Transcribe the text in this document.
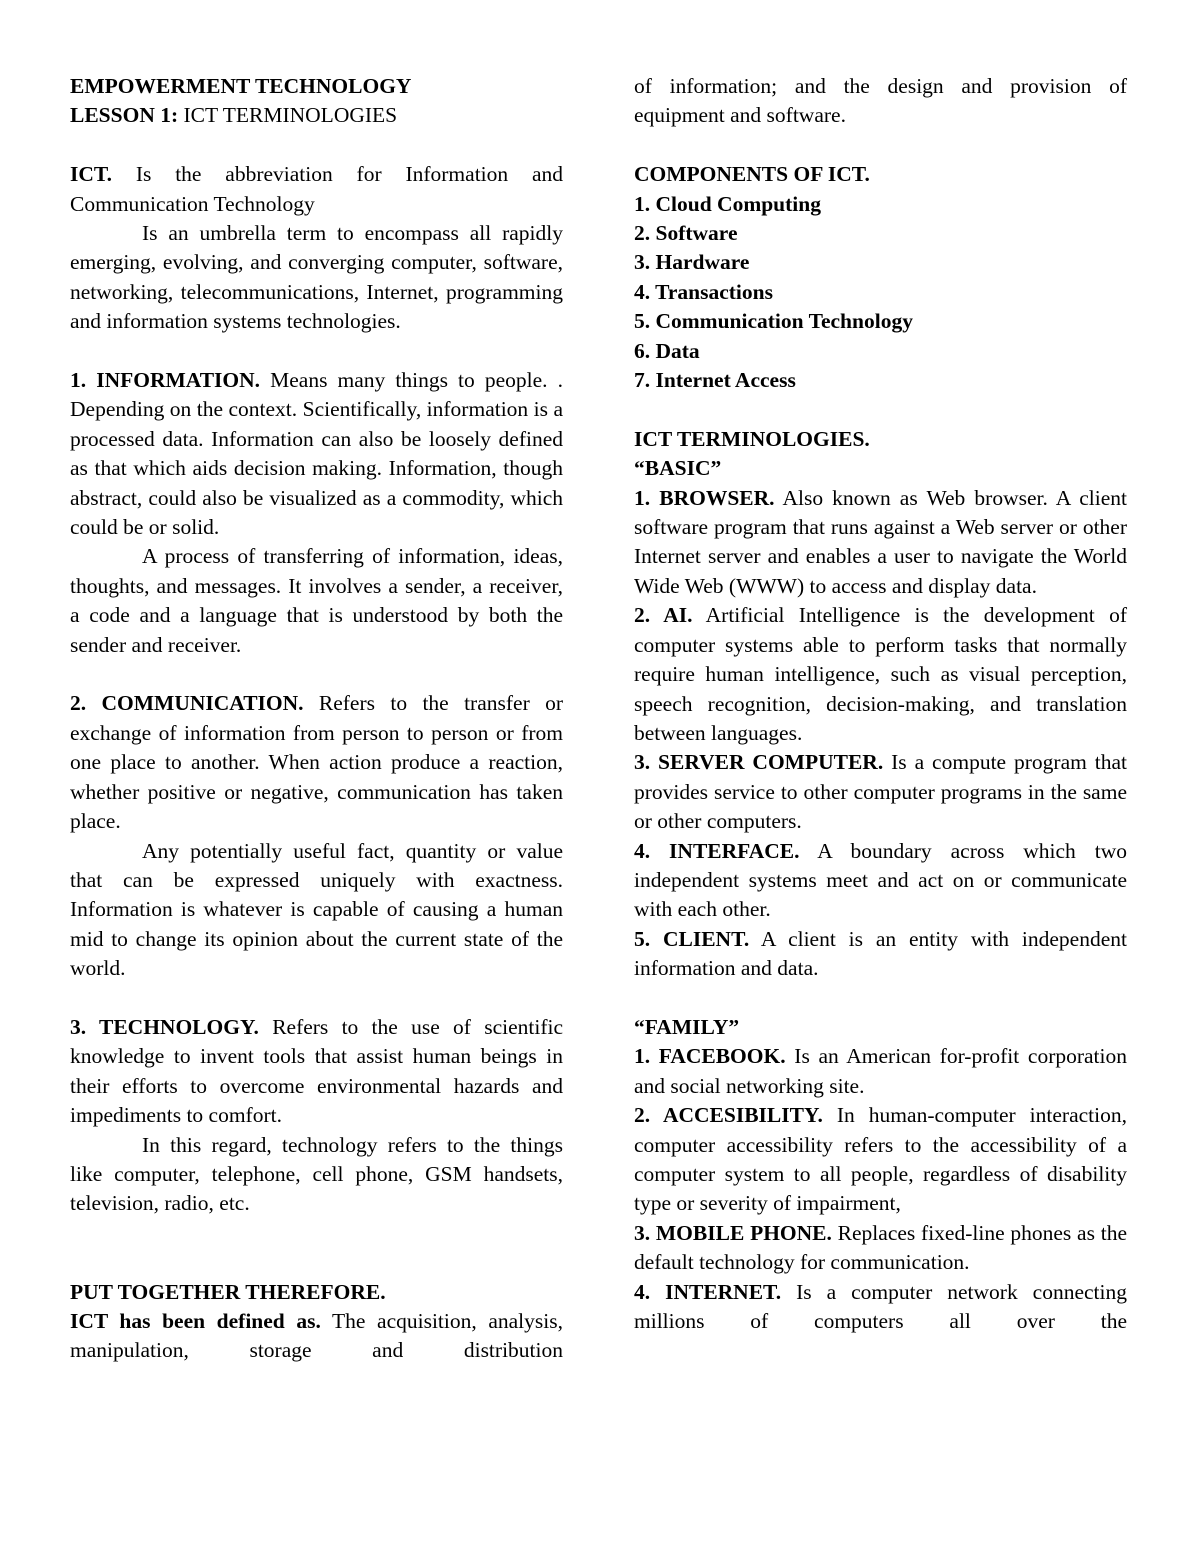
EMPOWERMENT TECHNOLOGY

LESSON 1: ICT TERMINOLOGIES

ICT. Is the abbreviation for Information and Communication Technology

Is an umbrella term to encompass all rapidly emerging, evolving, and converging computer, software, networking, telecommunications, Internet, programming and information systems technologies.

1. INFORMATION. Means many things to people. . Depending on the context. Scientifically, information is a processed data. Information can also be loosely defined as that which aids decision making. Information, though abstract, could also be visualized as a commodity, which could be or solid.

A process of transferring of information, ideas, thoughts, and messages. It involves a sender, a receiver, a code and a language that is understood by both the sender and receiver.

2. COMMUNICATION. Refers to the transfer or exchange of information from person to person or from one place to another. When action produce a reaction, whether positive or negative, communication has taken place.

Any potentially useful fact, quantity or value that can be expressed uniquely with exactness. Information is whatever is capable of causing a human mid to change its opinion about the current state of the world.

3. TECHNOLOGY. Refers to the use of scientific knowledge to invent tools that assist human beings in their efforts to overcome environmental hazards and impediments to comfort.

In this regard, technology refers to the things like computer, telephone, cell phone, GSM handsets, television, radio, etc.

PUT TOGETHER THEREFORE.

ICT has been defined as. The acquisition, analysis, manipulation, storage and distribution

of information; and the design and provision of equipment and software.

COMPONENTS OF ICT.

1. Cloud Computing

2. Software

3. Hardware

4. Transactions

5. Communication Technology

6. Data

7. Internet Access

ICT TERMINOLOGIES.

“BASIC”

1. BROWSER. Also known as Web browser. A client software program that runs against a Web server or other Internet server and enables a user to navigate the World Wide Web (WWW) to access and display data.

2. AI. Artificial Intelligence is the development of computer systems able to perform tasks that normally require human intelligence, such as visual perception, speech recognition, decision-making, and translation between languages.

3. SERVER COMPUTER. Is a compute program that provides service to other computer programs in the same or other computers.

4. INTERFACE. A boundary across which two independent systems meet and act on or communicate with each other.

5. CLIENT. A client is an entity with independent information and data.

“FAMILY”

1. FACEBOOK. Is an American for-profit corporation and social networking site.

2. ACCESIBILITY. In human-computer interaction, computer accessibility refers to the accessibility of a computer system to all people, regardless of disability type or severity of impairment,

3. MOBILE PHONE. Replaces fixed-line phones as the default technology for communication.

4. INTERNET. Is a computer network connecting millions of computers all over the
